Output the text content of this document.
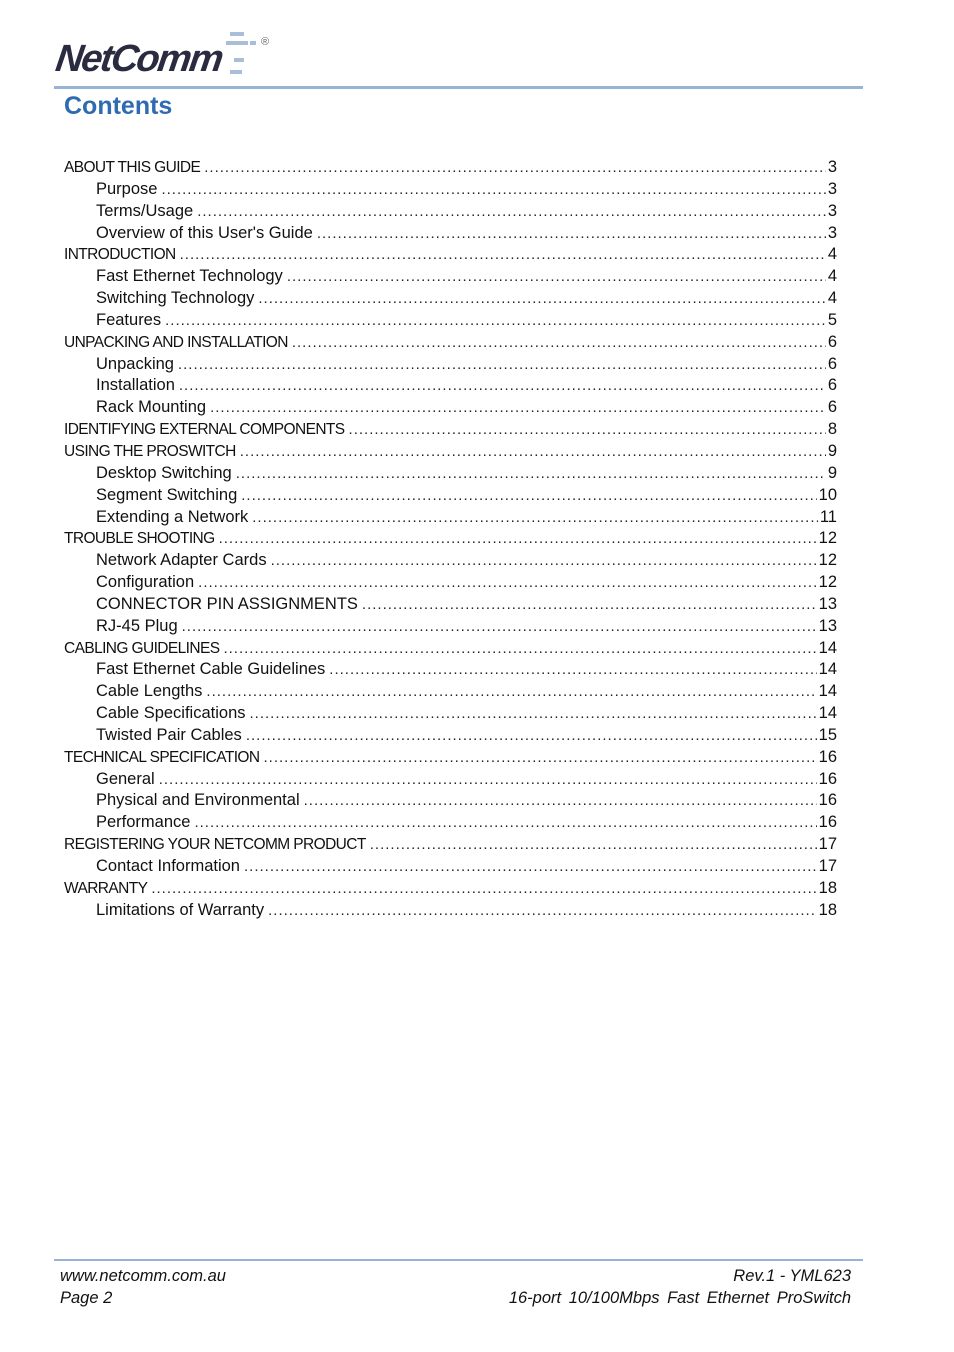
NetComm	®
Contents
ABOUT THIS GUIDE .....	3
Purpose .....	3
Terms/Usage .....	3
Overview of this User's Guide .....	3
INTRODUCTION .....	4
Fast Ethernet Technology .....	4
Switching Technology .....	4
Features .....	5
UNPACKING AND INSTALLATION .....	6
Unpacking .....	6
Installation .....	6
Rack Mounting .....	6
IDENTIFYING EXTERNAL COMPONENTS .....	8
USING THE PROSWITCH .....	9
Desktop Switching .....	9
Segment Switching .....	10
Extending a Network .....	11
TROUBLE SHOOTING .....	12
Network Adapter Cards .....	12
Configuration .....	12
CONNECTOR PIN ASSIGNMENTS .....	13
RJ-45 Plug .....	13
CABLING GUIDELINES .....	14
Fast Ethernet Cable Guidelines .....	14
Cable Lengths .....	14
Cable Specifications .....	14
Twisted Pair Cables .....	15
TECHNICAL SPECIFICATION .....	16
General .....	16
Physical and Environmental .....	16
Performance .....	16
REGISTERING YOUR NETCOMM PRODUCT .....	17
Contact Information .....	17
WARRANTY .....	18
Limitations of Warranty .....	18
www.netcomm.com.au
Page 2
Rev.1 - YML623
16-port 10/100Mbps Fast Ethernet ProSwitch
